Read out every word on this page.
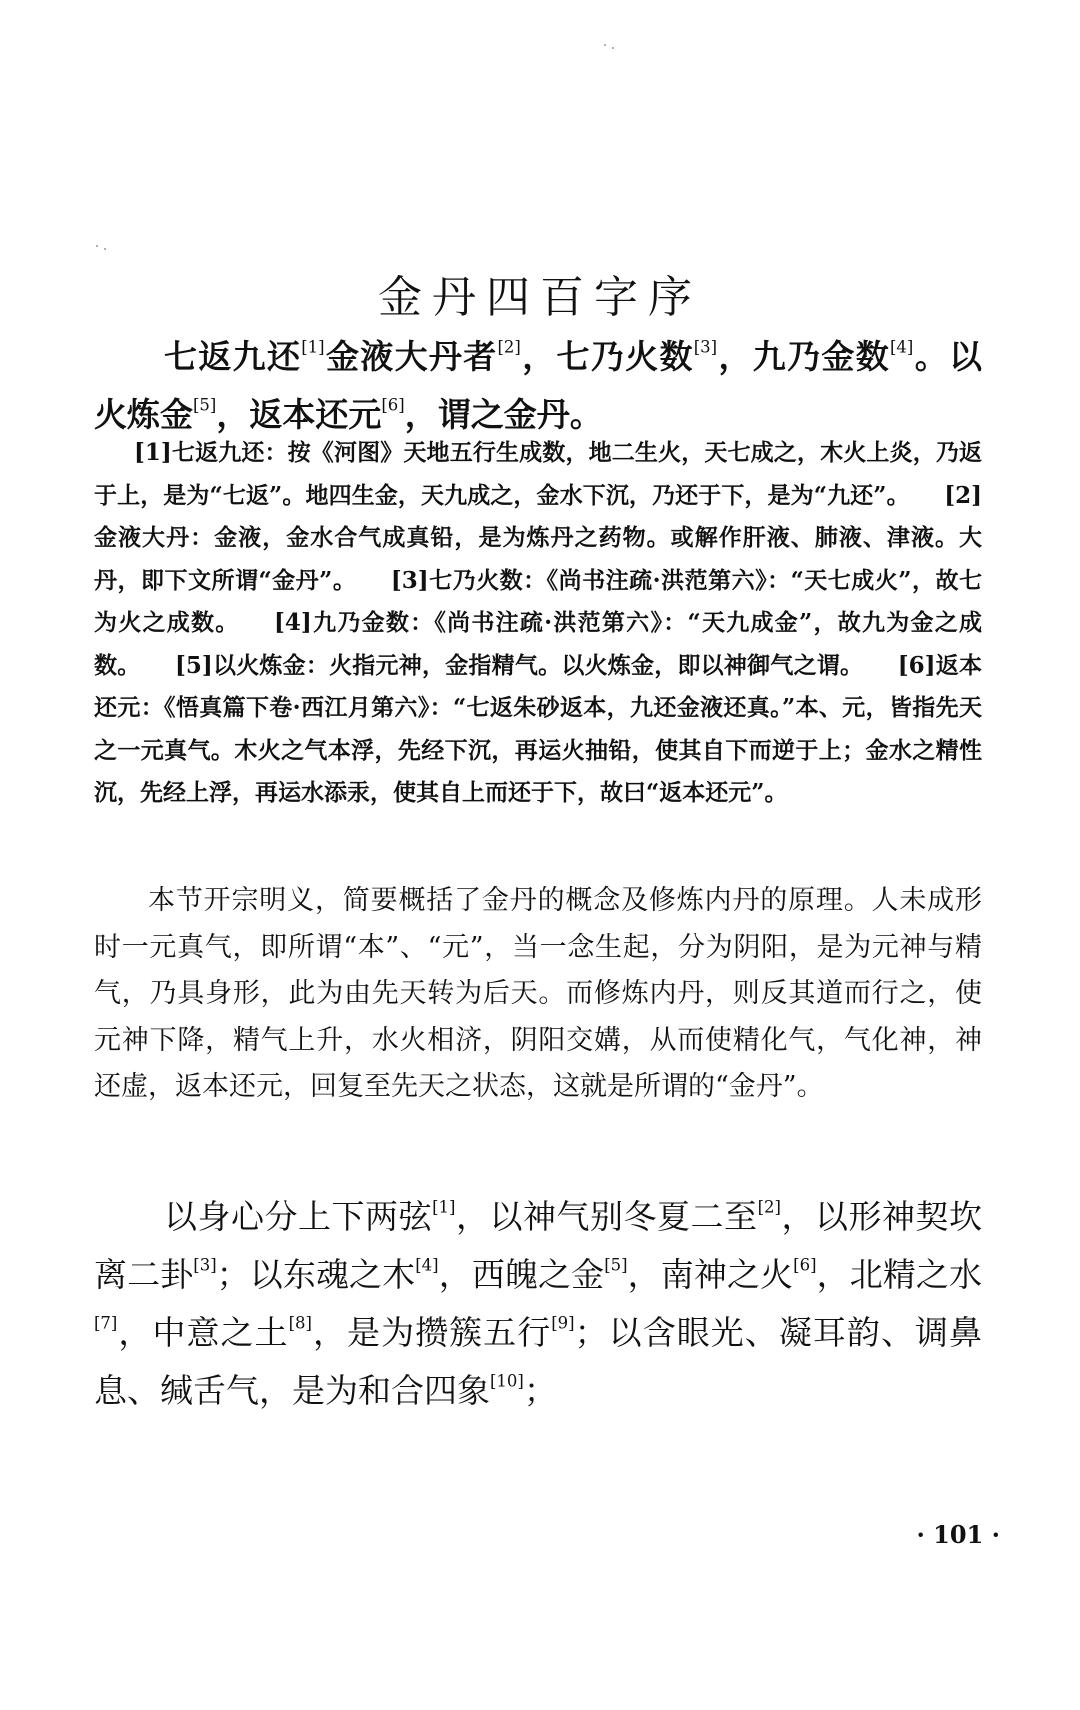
金丹四百字序

七返九还[1]金液大丹者[2]，七乃火数[3]，九乃金数[4]。以火炼金[5]，返本还元[6]，谓之金丹。

[1]七返九还：按《河图》天地五行生成数，地二生火，天七成之，木火上炎，乃返于上，是为“七返”。地四生金，天九成之，金水下沉，乃还于下，是为“九还”。 [2]金液大丹：金液，金水合气成真铅，是为炼丹之药物。或解作肝液、肺液、津液。大丹，即下文所谓“金丹”。 [3]七乃火数：《尚书注疏·洪范第六》：“天七成火”，故七为火之成数。 [4]九乃金数：《尚书注疏·洪范第六》：“天九成金”，故九为金之成数。 [5]以火炼金：火指元神，金指精气。以火炼金，即以神御气之谓。 [6]返本还元：《悟真篇下卷·西江月第六》：“七返朱砂返本，九还金液还真。”本、元，皆指先天之一元真气。木火之气本浮，先经下沉，再运火抽铅，使其自下而逆于上；金水之精性沉，先经上浮，再运水添汞，使其自上而还于下，故曰“返本还元”。

本节开宗明义，简要概括了金丹的概念及修炼内丹的原理。人未成形时一元真气，即所谓“本”、“元”，当一念生起，分为阴阳，是为元神与精气，乃具身形，此为由先天转为后天。而修炼内丹，则反其道而行之，使元神下降，精气上升，水火相济，阴阳交媾，从而使精化气，气化神，神还虚，返本还元，回复至先天之状态，这就是所谓的“金丹”。

以身心分上下两弦[1]，以神气别冬夏二至[2]，以形神契坎离二卦[3]；以东魂之木[4]，西魄之金[5]，南神之火[6]，北精之水[7]，中意之土[8]，是为攒簇五行[9]；以含眼光、凝耳韵、调鼻息、缄舌气，是为和合四象[10]；

· 101 ·
